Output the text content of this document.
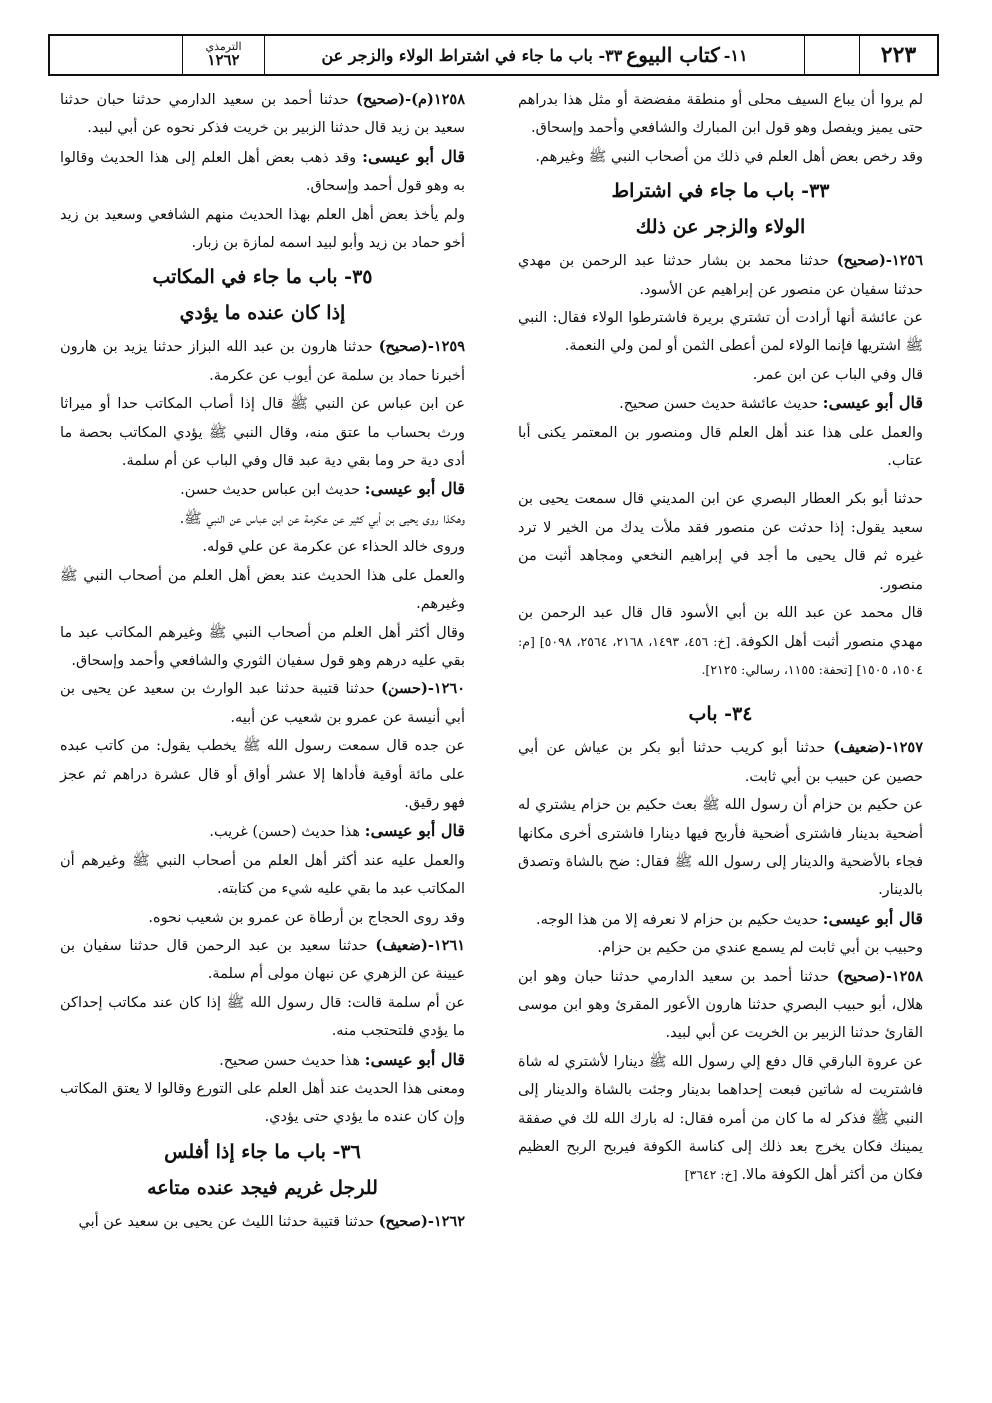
٢٢٣
١١-
كتاب البيوع
٣٣- باب ما جاء في اشتراط الولاء والزجر عن
الترمذي
١٢٦٢

لم يروا أن يباع السيف محلى أو منطقة مفضضة أو مثل هذا بدراهم حتى يميز ويفصل وهو قول ابن المبارك والشافعي وأحمد وإسحاق.

وقد رخص بعض أهل العلم في ذلك من أصحاب النبي ﷺ وغيرهم.

٣٣- باب ما جاء في اشتراط
الولاء والزجر عن ذلك

١٢٥٦-(صحيح) حدثنا محمد بن بشار حدثنا عبد الرحمن بن مهدي حدثنا سفيان عن منصور عن إبراهيم عن الأسود.

عن عائشة أنها أرادت أن تشتري بريرة فاشترطوا الولاء فقال: النبي ﷺ اشتريها فإنما الولاء لمن أعطى الثمن أو لمن ولي النعمة.

قال وفي الباب عن ابن عمر.

قال أبو عيسى: حديث عائشة حديث حسن صحيح.

والعمل على هذا عند أهل العلم قال ومنصور بن المعتمر يكنى أبا عتاب.

حدثنا أبو بكر العطار البصري عن ابن المديني قال سمعت يحيى بن سعيد يقول: إذا حدثت عن منصور فقد ملأت يدك من الخير لا ترد غيره ثم قال يحيى ما أجد في إبراهيم النخعي ومجاهد أثبت من منصور.

قال محمد عن عبد الله بن أبي الأسود قال قال عبد الرحمن بن مهدي منصور أثبت أهل الكوفة. [خ: ٤٥٦، ١٤٩٣، ٢١٦٨، ٢٥٦٤، ٥٠٩٨] [م: ١٥٠٤، ١٥٠٥] [تحفة: ١١٥٥، رسالي: ٢١٢٥].

٣٤- باب

١٢٥٧-(ضعيف) حدثنا أبو كريب حدثنا أبو بكر بن عياش عن أبي حصين عن حبيب بن أبي ثابت.

عن حكيم بن حزام أن رسول الله ﷺ بعث حكيم بن حزام يشتري له أضحية بدينار فاشترى أضحية فأربح فيها دينارا فاشترى أخرى مكانها فجاء بالأضحية والدينار إلى رسول الله ﷺ فقال: ضح بالشاة وتصدق بالدينار.

قال أبو عيسى: حديث حكيم بن حزام لا نعرفه إلا من هذا الوجه.

وحبيب بن أبي ثابت لم يسمع عندي من حكيم بن حزام.

١٢٥٨-(صحيح) حدثنا أحمد بن سعيد الدارمي حدثنا حبان وهو ابن هلال، أبو حبيب البصري حدثنا هارون الأعور المقرئ وهو ابن موسى القارئ حدثنا الزبير بن الخريت عن أبي لبيد.

عن عروة البارقي قال دفع إلي رسول الله ﷺ دينارا لأشتري له شاة فاشتريت له شاتين فبعت إحداهما بدينار وجئت بالشاة والدينار إلى النبي ﷺ فذكر له ما كان من أمره فقال: له بارك الله لك في صفقة يمينك فكان يخرج بعد ذلك إلى كناسة الكوفة فيربح الربح العظيم فكان من أكثر أهل الكوفة مالا. [خ: ٣٦٤٢]

١٢٥٨(م)-(صحيح) حدثنا أحمد بن سعيد الدارمي حدثنا حبان حدثنا سعيد بن زيد قال حدثنا الزبير بن خريت فذكر نحوه عن أبي لبيد.

قال أبو عيسى: وقد ذهب بعض أهل العلم إلى هذا الحديث وقالوا به وهو قول أحمد وإسحاق.

ولم يأخذ بعض أهل العلم بهذا الحديث منهم الشافعي وسعيد بن زيد أخو حماد بن زيد وأبو لبيد اسمه لمازة بن زبار.

٣٥- باب ما جاء في المكاتب
إذا كان عنده ما يؤدي

١٢٥٩-(صحيح) حدثنا هارون بن عبد الله البزاز حدثنا يزيد بن هارون أخبرنا حماد بن سلمة عن أيوب عن عكرمة.

عن ابن عباس عن النبي ﷺ قال إذا أصاب المكاتب حدا أو ميراثا ورث بحساب ما عتق منه، وقال النبي ﷺ يؤدي المكاتب بحصة ما أدى دية حر وما بقي دية عبد قال وفي الباب عن أم سلمة.

قال أبو عيسى: حديث ابن عباس حديث حسن.

وهكذا روى يحيى بن أبي كثير عن عكرمة عن ابن عباس عن النبي ﷺ.

وروى خالد الحذاء عن عكرمة عن علي قوله.

والعمل على هذا الحديث عند بعض أهل العلم من أصحاب النبي ﷺ وغيرهم.

وقال أكثر أهل العلم من أصحاب النبي ﷺ وغيرهم المكاتب عبد ما بقي عليه درهم وهو قول سفيان الثوري والشافعي وأحمد وإسحاق.

١٢٦٠-(حسن) حدثنا قتيبة حدثنا عبد الوارث بن سعيد عن يحيى بن أبي أنيسة عن عمرو بن شعيب عن أبيه.

عن جده قال سمعت رسول الله ﷺ يخطب يقول: من كاتب عبده على مائة أوقية فأداها إلا عشر أواق أو قال عشرة دراهم ثم عجز فهو رقيق.

قال أبو عيسى: هذا حديث (حسن) غريب.

والعمل عليه عند أكثر أهل العلم من أصحاب النبي ﷺ وغيرهم أن المكاتب عبد ما بقي عليه شيء من كتابته.

وقد روى الحجاج بن أرطاة عن عمرو بن شعيب نحوه.

١٢٦١-(ضعيف) حدثنا سعيد بن عبد الرحمن قال حدثنا سفيان بن عيينة عن الزهري عن نبهان مولى أم سلمة.

عن أم سلمة قالت: قال رسول الله ﷺ إذا كان عند مكاتب إحداكن ما يؤدي فلتحتجب منه.

قال أبو عيسى: هذا حديث حسن صحيح.

ومعنى هذا الحديث عند أهل العلم على التورع وقالوا لا يعتق المكاتب وإن كان عنده ما يؤدي حتى يؤدي.

٣٦- باب ما جاء إذا أفلس
للرجل غريم فيجد عنده متاعه

١٢٦٢-(صحيح) حدثنا قتيبة حدثنا الليث عن يحيى بن سعيد عن أبي
